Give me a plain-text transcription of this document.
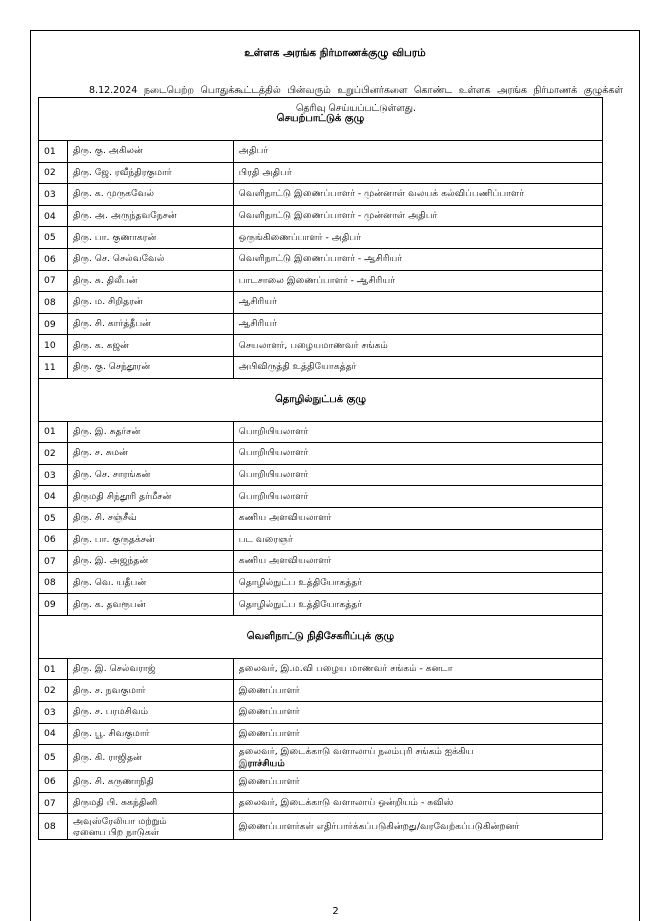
உள்ளக அரங்க நிர்மாணக்குழு விபரம்
8.12.2024 நடைபெற்ற பொதுக்கூட்டத்தில் பின்வரும் உறுப்பினர்களை கொண்ட உள்ளக அரங்க நிர்மாணக் குழுக்கள் தெரிவு செய்யப்பட்டுள்ளது.
செயற்பாட்டுக் குழு		
01	திரு. கு. அகிலன்	அதிபர்
02	திரு. ஜே. ரவீந்திரகுமார்	பிரதி அதிபர்
03	திரு. க. முருகவேல்	வெளிநாட்டு இணைப்பாளர் - முன்னாள் வலயக் கல்விப்பணிப்பாளர்
04	திரு. அ. அருந்தவநேசன்	வெளிநாட்டு இணைப்பாளர் - முன்னாள் அதிபர்
05	திரு. பா. குணாகரன்	ஒருங்கிணைப்பாளர் - அதிபர்
06	திரு. செ. செல்வவேல்	வெளிநாட்டு இணைப்பாளர் - ஆசிரியர்
07	திரு. சு. திலீபன்	பாடசாலை இணைப்பாளர் - ஆசிரியர்
08	திரு. ம. சிறிதரன்	ஆசிரியர்
09	திரு. சி. கார்த்தீபன்	ஆசிரியர்
10	திரு. க. கஜன்	செயலாளர், பழையமாணவர் சங்கம்
11	திரு. கு. செந்தூரன்	அபிவிருத்தி உத்தியோகத்தர்
தொழில்நுட்பக் குழு		
01	திரு. இ. சுதர்சன்	பொறியியலாளர்
02	திரு. ச. சுமன்	பொறியியலாளர்
03	திரு. செ. சாரங்கன்	பொறியியலாளர்
04	திருமதி சிந்தூரி தர்மீசன்	பொறியியலாளர்
05	திரு. சி. சஞ்சீவ்	கணிய அளவியலாளர்
06	திரு. பா. குருதக்சன்	பட வரைஞர்
07	திரு. இ. அஜந்தன்	கணிய அளவியலாளர்
08	திரு. வெ. யதீபன்	தொழில்நுட்ப உத்தியோகத்தர்
09	திரு. க. தவரூபன்	தொழில்நுட்ப உத்தியோகத்தர்
வெளிநாட்டு நிதிசேகரிப்புக் குழு		
01	திரு. இ. செல்வராஜ்	தலைவர், இ.ம.வி பழைய மாணவர் சங்கம் - கனடா
02	திரு. ச. நவகுமார்	இணைப்பாளர்
03	திரு. ச. பரமசிவம்	இணைப்பாளர்
04	திரு. பூ. சிவகுமார்	இணைப்பாளர்
05	திரு. கி. ராஜிதன்	தலைவர், இடைக்காடு வளாலாய் நலம்புரி சங்கம் ஐக்கிய
இராச்சியம்

06	திரு. சி. கருணாநிதி	இணைப்பாளர்
07	திருமதி பி. சுகந்தினி	தலைவர், இடைக்காடு வளாலாய் ஒன்றியம் - சுவிஸ்
08	அவுஸ்ரேலியா மற்றும்
ஏனைய பிற நாடுகள்	இணைப்பாளர்கள் எதிர்பார்க்கப்படுகின்றது/வரவேற்கப்படுகின்றனர்
2
